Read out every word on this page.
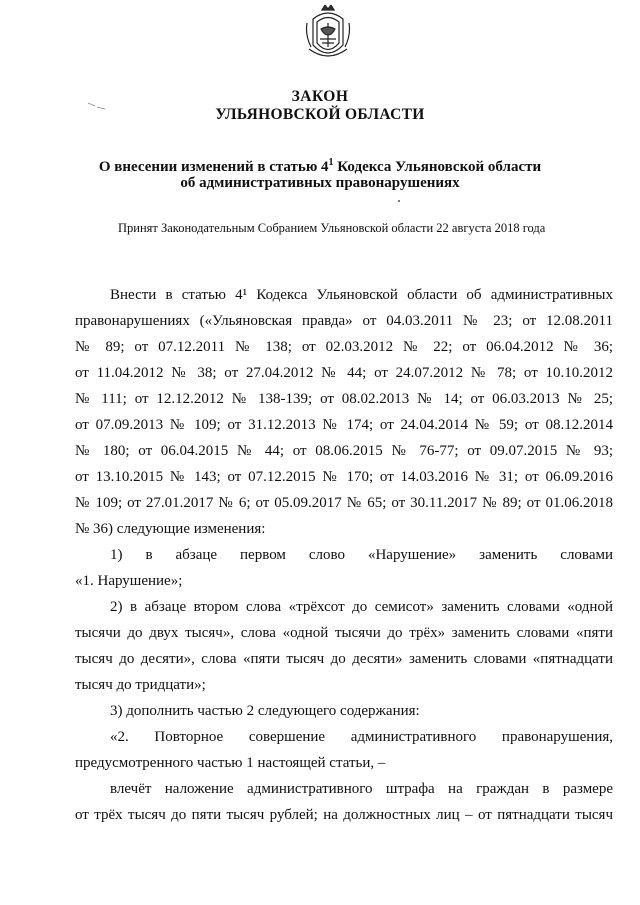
ЗАКОН
УЛЬЯНОВСКОЙ ОБЛАСТИ
О внесении изменений в статью $4^1$ Кодекса Ульяновской области
об административных правонарушениях
Принят Законодательным Собранием Ульяновской области 22 августа 2018 года
Внести в статью 4¹ Кодекса Ульяновской области об административных
правонарушениях («Ульяновская правда» от 04.03.2011 № 23; от 12.08.2011
№ 89; от 07.12.2011 № 138; от 02.03.2012 № 22; от 06.04.2012 № 36;
от 11.04.2012 № 38; от 27.04.2012 № 44; от 24.07.2012 № 78; от 10.10.2012
№ 111; от 12.12.2012 № 138-139; от 08.02.2013 № 14; от 06.03.2013 № 25;
от 07.09.2013 № 109; от 31.12.2013 № 174; от 24.04.2014 № 59; от 08.12.2014
№ 180; от 06.04.2015 № 44; от 08.06.2015 № 76-77; от 09.07.2015 № 93;
от 13.10.2015 № 143; от 07.12.2015 № 170; от 14.03.2016 № 31; от 06.09.2016
№ 109; от 27.01.2017 № 6; от 05.09.2017 № 65; от 30.11.2017 № 89; от 01.06.2018
№ 36) следующие изменения:
1) в абзаце первом слово «Нарушение» заменить словами
«1. Нарушение»;
2) в абзаце втором слова «трёхсот до семисот» заменить словами «одной
тысячи до двух тысяч», слова «одной тысячи до трёх» заменить словами «пяти
тысяч до десяти», слова «пяти тысяч до десяти» заменить словами «пятнадцати
тысяч до тридцати»;
3) дополнить частью 2 следующего содержания:
«2. Повторное совершение административного правонарушения,
предусмотренного частью 1 настоящей статьи, –
влечёт наложение административного штрафа на граждан в размере
от трёх тысяч до пяти тысяч рублей; на должностных лиц – от пятнадцати тысяч
